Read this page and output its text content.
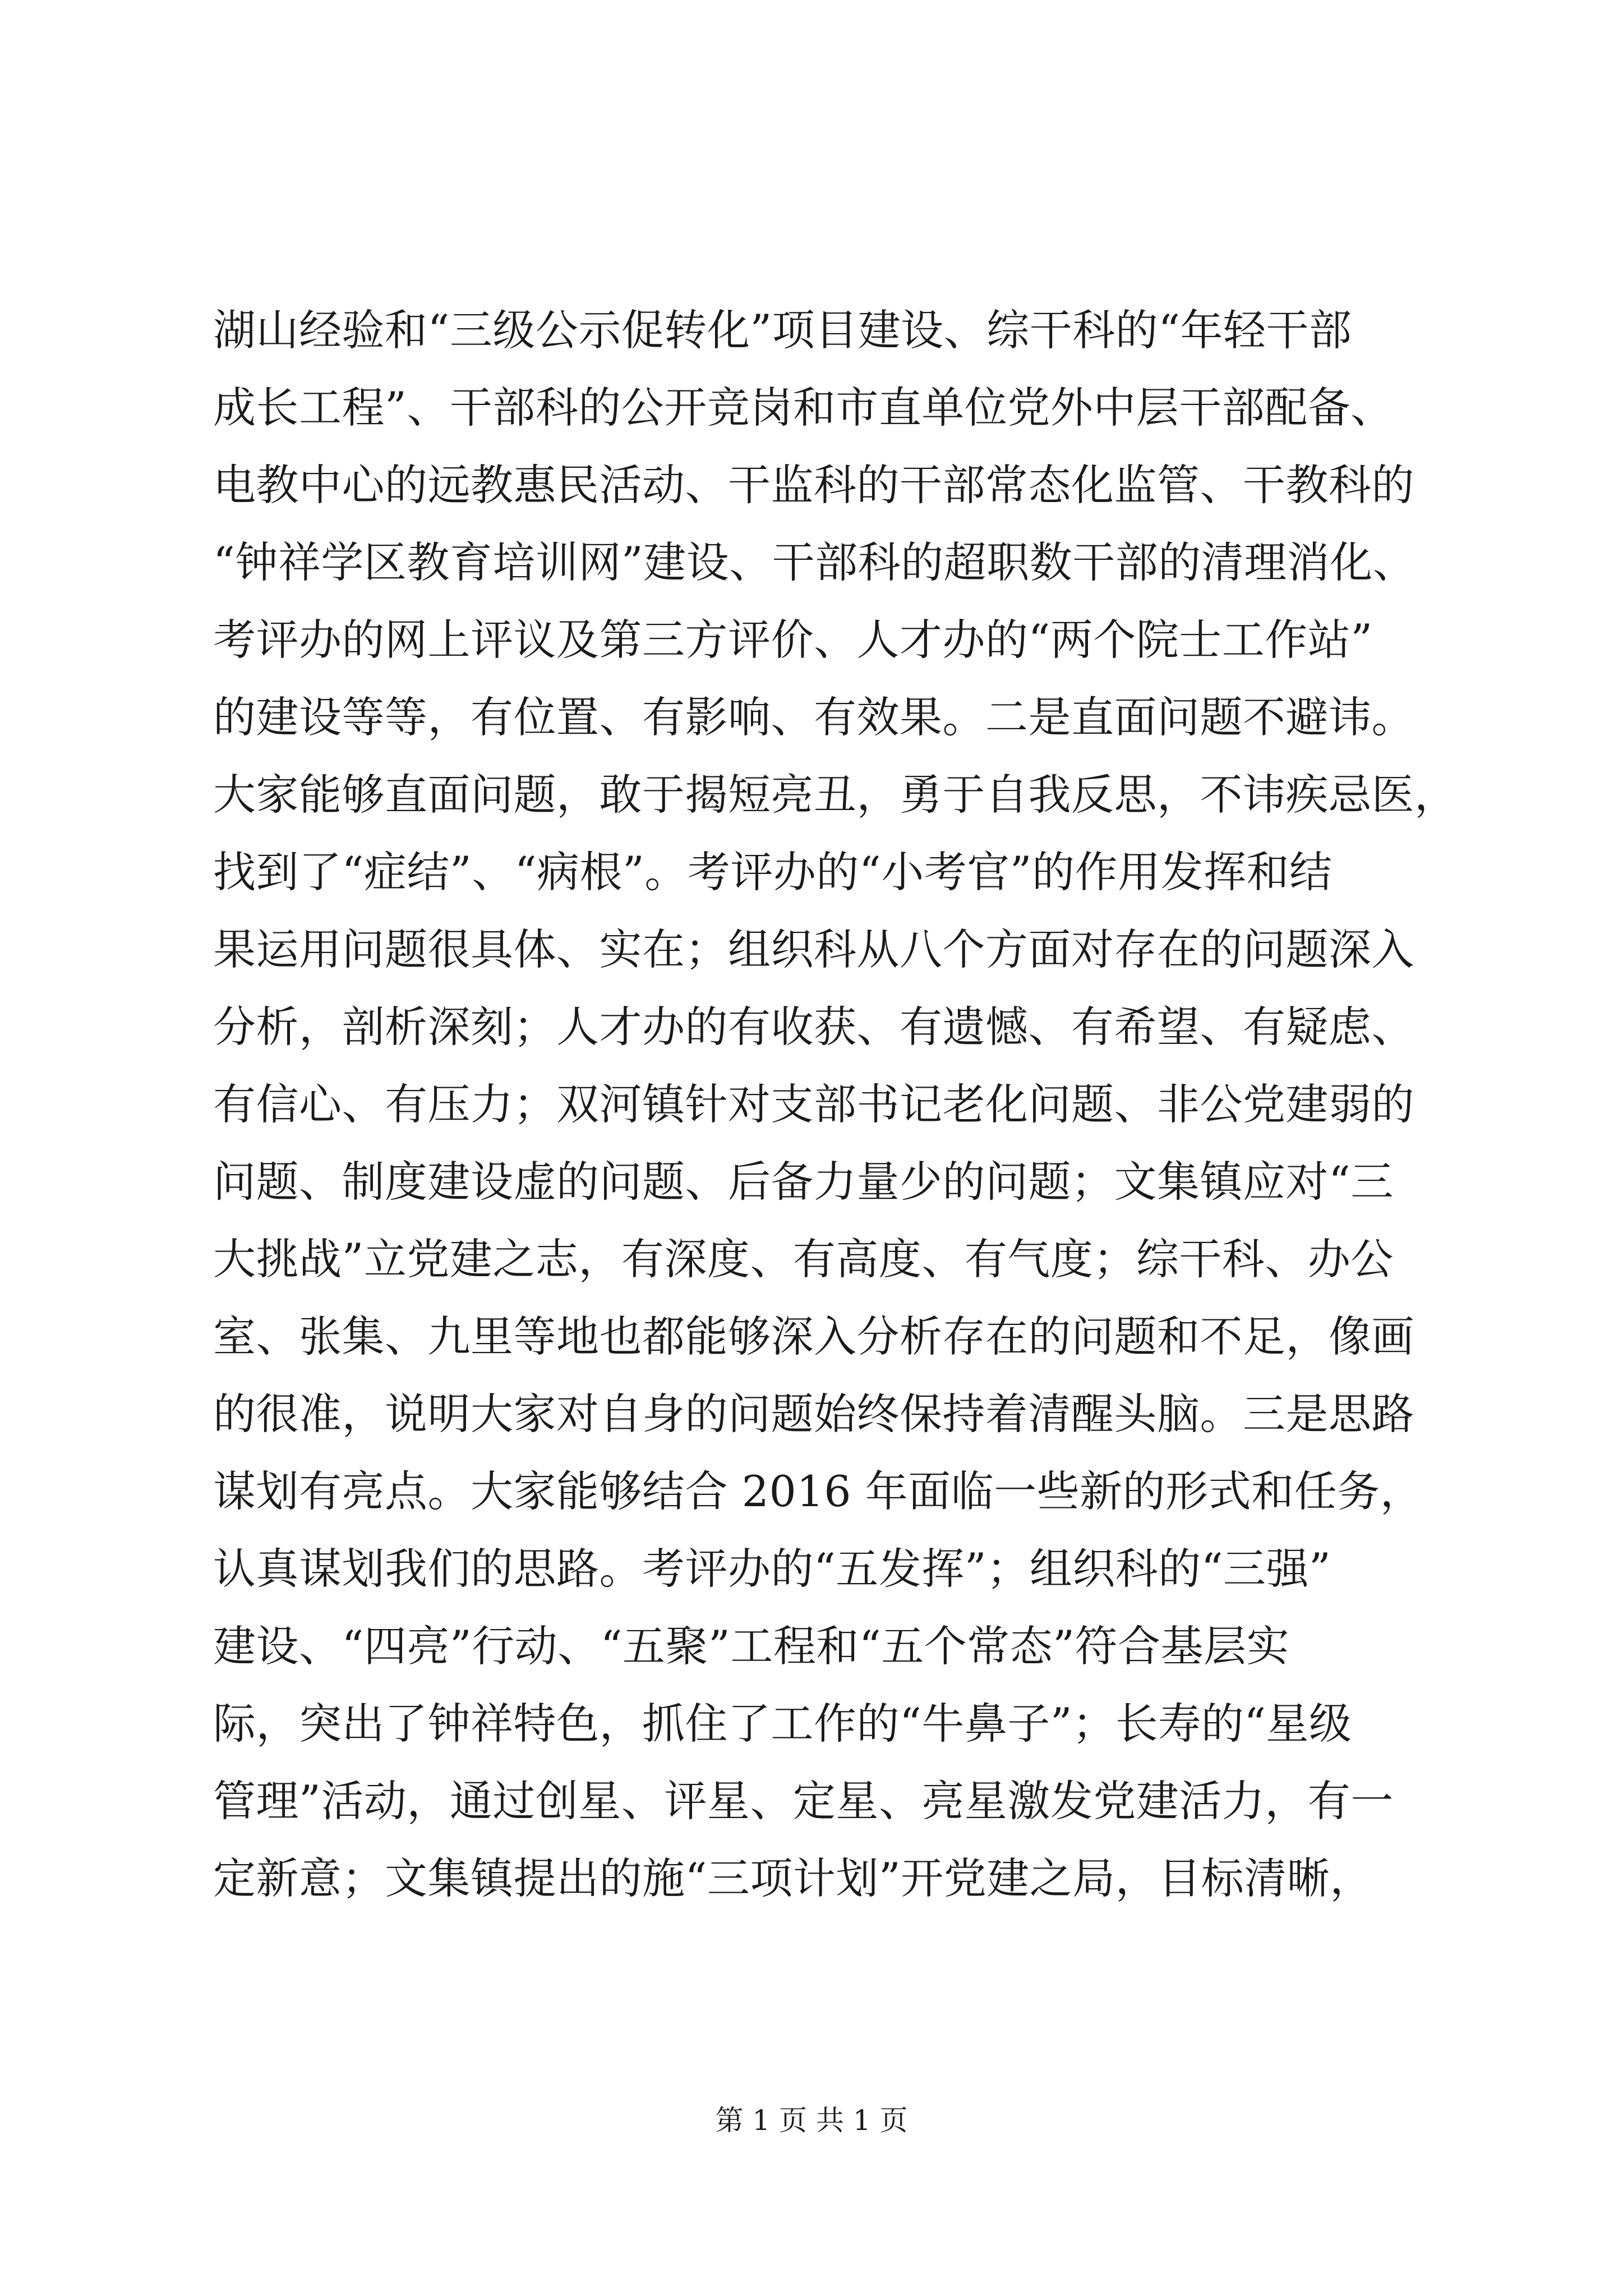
湖山经验和“三级公示促转化”项目建设、综干科的“年轻干部
成长工程”、干部科的公开竞岗和市直单位党外中层干部配备、
电教中心的远教惠民活动、干监科的干部常态化监管、干教科的
“钟祥学区教育培训网”建设、干部科的超职数干部的清理消化、
考评办的网上评议及第三方评价、人才办的“两个院士工作站”
的建设等等，有位置、有影响、有效果。二是直面问题不避讳。
大家能够直面问题，敢于揭短亮丑，勇于自我反思，不讳疾忌医，
找到了“症结”、“病根”。考评办的“小考官”的作用发挥和结
果运用问题很具体、实在；组织科从八个方面对存在的问题深入
分析，剖析深刻；人才办的有收获、有遗憾、有希望、有疑虑、
有信心、有压力；双河镇针对支部书记老化问题、非公党建弱的
问题、制度建设虚的问题、后备力量少的问题；文集镇应对“三
大挑战”立党建之志，有深度、有高度、有气度；综干科、办公
室、张集、九里等地也都能够深入分析存在的问题和不足，像画
的很准，说明大家对自身的问题始终保持着清醒头脑。三是思路
谋划有亮点。大家能够结合 2016 年面临一些新的形式和任务，
认真谋划我们的思路。考评办的“五发挥”；组织科的“三强”
建设、“四亮”行动、“五聚”工程和“五个常态”符合基层实
际，突出了钟祥特色，抓住了工作的“牛鼻子”；长寿的“星级
管理”活动，通过创星、评星、定星、亮星激发党建活力，有一
定新意；文集镇提出的施“三项计划”开党建之局，目标清晰，
第 1 页 共 1 页
